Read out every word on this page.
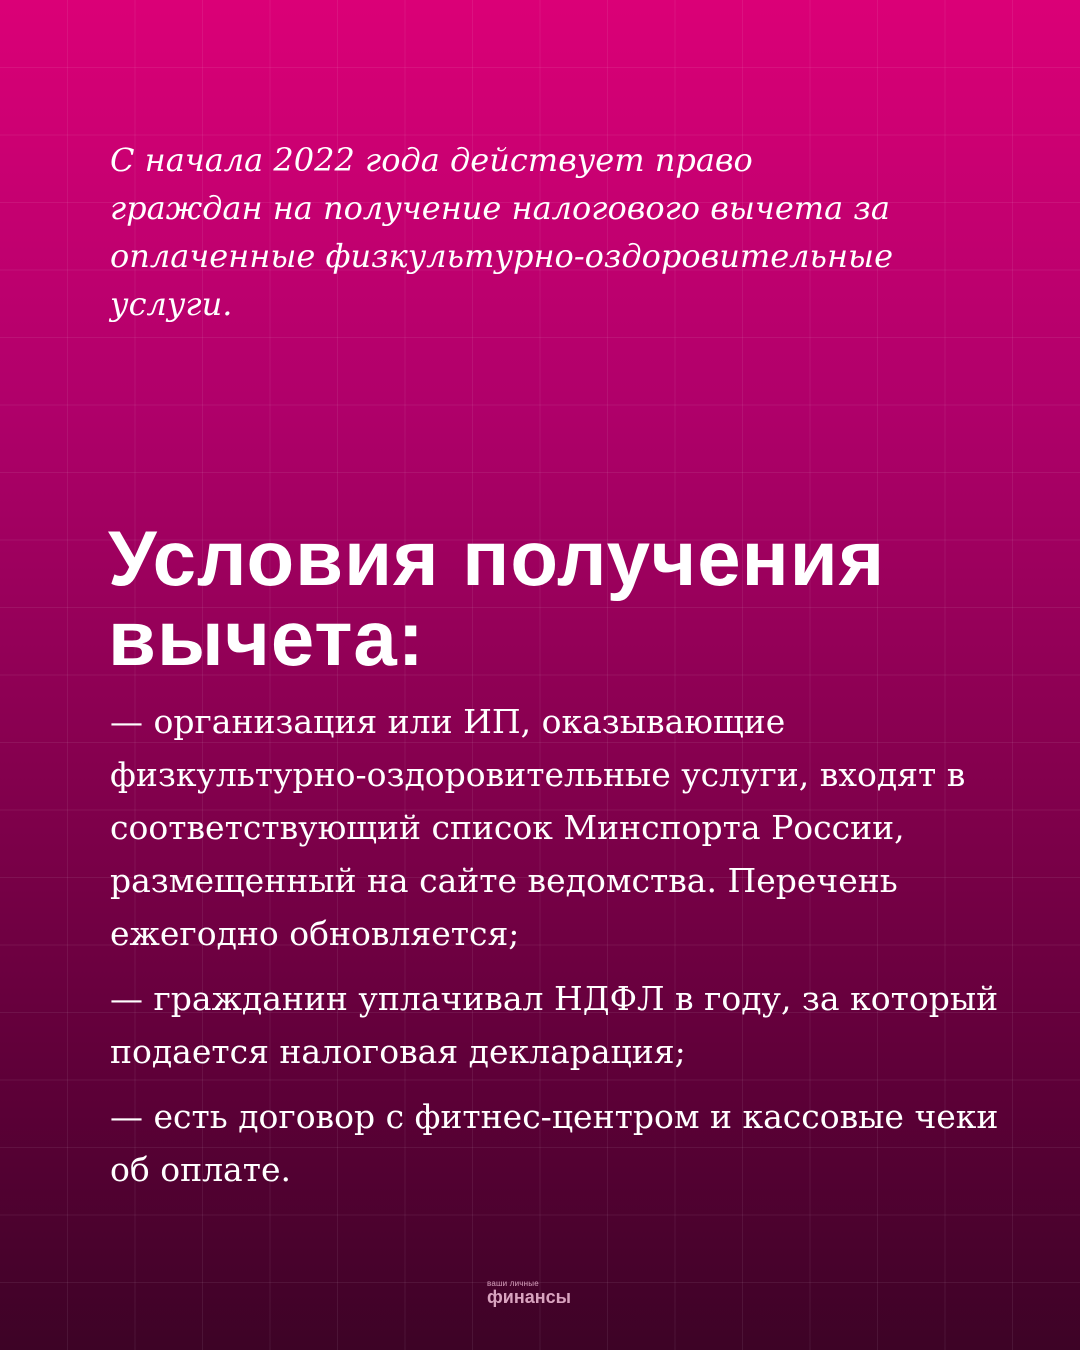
С начала 2022 года действует право граждан на получение налогового вычета за оплаченные физкультурно-оздоровительные услуги.

Условия получения
вычета:
— организация или ИП, оказывающие физкультурно-оздоровительные услуги, входят в соответствующий список Минспорта России, размещенный на сайте ведомства. Перечень ежегодно обновляется;
— гражданин уплачивал НДФЛ в году, за который подается налоговая декларация;
— есть договор с фитнес-центром и кассовые чеки об оплате.
ваши личные
финансы
